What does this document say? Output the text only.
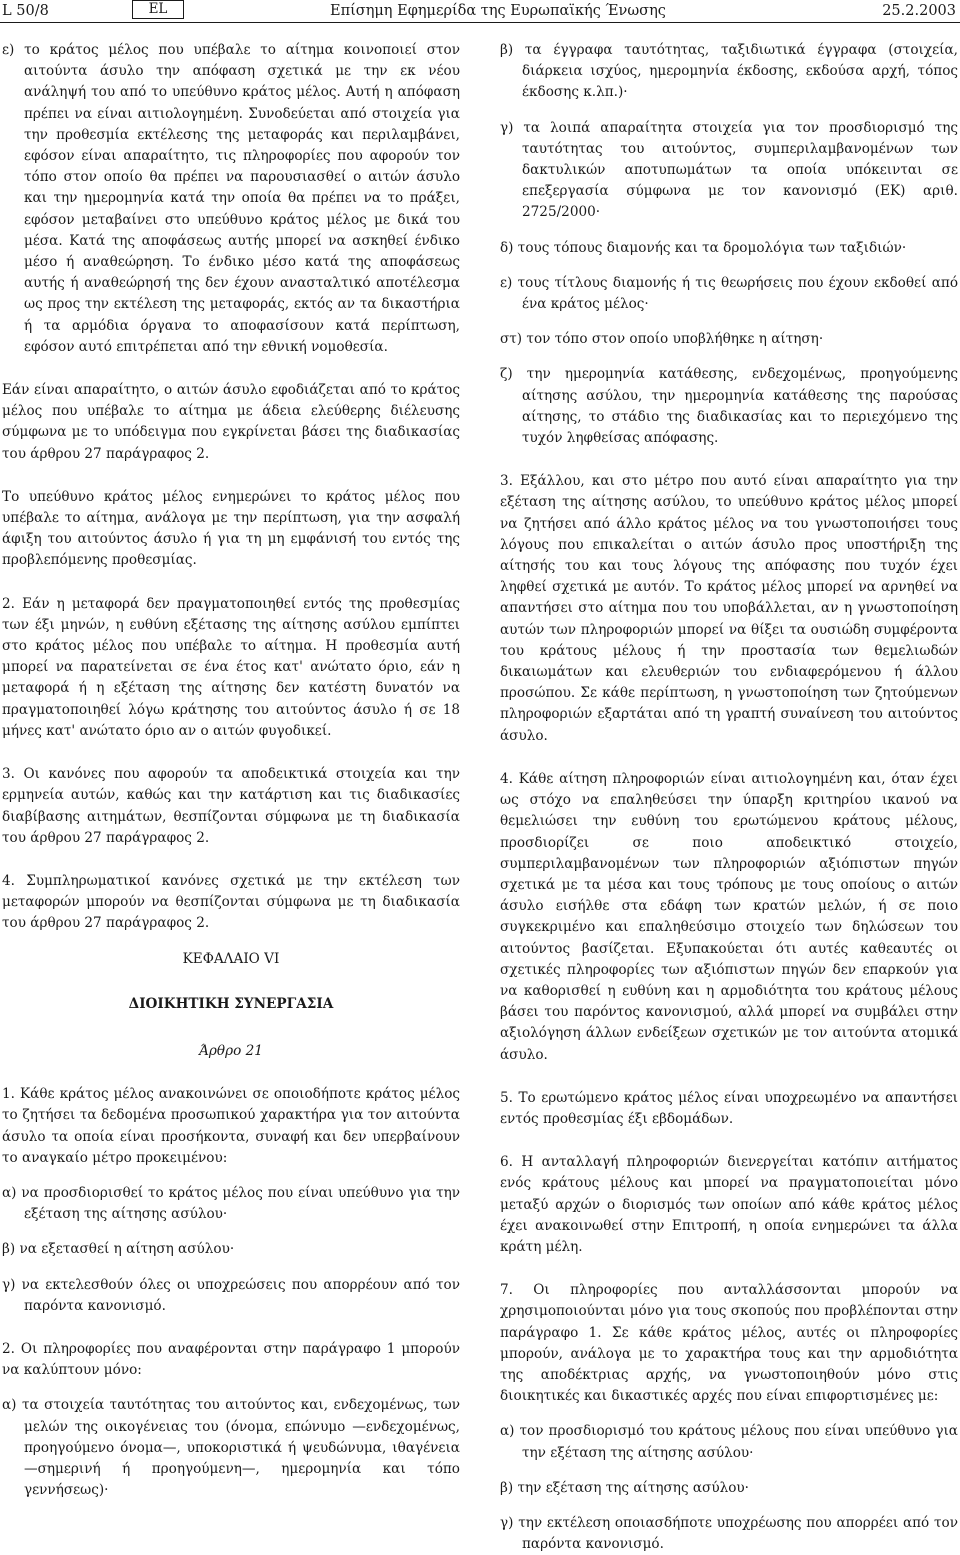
L 50/8	EL	Επίσημη Εφημερίδα της Ευρωπαϊκής Ένωσης	25.2.2003

ε) το κράτος μέλος που υπέβαλε το αίτημα κοινοποιεί στον αιτούντα άσυλο την απόφαση σχετικά με την εκ νέου ανάληψή του από το υπεύθυνο κράτος μέλος. Αυτή η απόφαση πρέπει να είναι αιτιολογημένη. Συνοδεύεται από στοιχεία για την προθεσμία εκτέλεσης της μεταφοράς και περιλαμβάνει, εφόσον είναι απαραίτητο, τις πληροφορίες που αφορούν τον τόπο στον οποίο θα πρέπει να παρουσιασθεί ο αιτών άσυλο και την ημερομηνία κατά την οποία θα πρέπει να το πράξει, εφόσον μεταβαίνει στο υπεύθυνο κράτος μέλος με δικά του μέσα. Κατά της αποφάσεως αυτής μπορεί να ασκηθεί ένδικο μέσο ή αναθεώρηση. Το ένδικο μέσο κατά της αποφάσεως αυτής ή αναθεώρησή της δεν έχουν ανασταλτικό αποτέλεσμα ως προς την εκτέλεση της μεταφοράς, εκτός αν τα δικαστήρια ή τα αρμόδια όργανα το αποφασίσουν κατά περίπτωση, εφόσον αυτό επιτρέπεται από την εθνική νομοθεσία.

Εάν είναι απαραίτητο, ο αιτών άσυλο εφοδιάζεται από το κράτος μέλος που υπέβαλε το αίτημα με άδεια ελεύθερης διέλευσης σύμφωνα με το υπόδειγμα που εγκρίνεται βάσει της διαδικασίας του άρθρου 27 παράγραφος 2.

Το υπεύθυνο κράτος μέλος ενημερώνει το κράτος μέλος που υπέβαλε το αίτημα, ανάλογα με την περίπτωση, για την ασφαλή άφιξη του αιτούντος άσυλο ή για τη μη εμφάνισή του εντός της προβλεπόμενης προθεσμίας.

2. Εάν η μεταφορά δεν πραγματοποιηθεί εντός της προθεσμίας των έξι μηνών, η ευθύνη εξέτασης της αίτησης ασύλου εμπίπτει στο κράτος μέλος που υπέβαλε το αίτημα. Η προθεσμία αυτή μπορεί να παρατείνεται σε ένα έτος κατ' ανώτατο όριο, εάν η μεταφορά ή η εξέταση της αίτησης δεν κατέστη δυνατόν να πραγματοποιηθεί λόγω κράτησης του αιτούντος άσυλο ή σε 18 μήνες κατ' ανώτατο όριο αν ο αιτών φυγοδικεί.

3. Οι κανόνες που αφορούν τα αποδεικτικά στοιχεία και την ερμηνεία αυτών, καθώς και την κατάρτιση και τις διαδικασίες διαβίβασης αιτημάτων, θεσπίζονται σύμφωνα με τη διαδικασία του άρθρου 27 παράγραφος 2.

4. Συμπληρωματικοί κανόνες σχετικά με την εκτέλεση των μεταφορών μπορούν να θεσπίζονται σύμφωνα με τη διαδικασία του άρθρου 27 παράγραφος 2.

ΚΕΦΑΛΑΙΟ VI

ΔΙΟΙΚΗΤΙΚΗ ΣΥΝΕΡΓΑΣΙΑ

Άρθρο 21

1. Κάθε κράτος μέλος ανακοινώνει σε οποιοδήποτε κράτος μέλος το ζητήσει τα δεδομένα προσωπικού χαρακτήρα για τον αιτούντα άσυλο τα οποία είναι προσήκοντα, συναφή και δεν υπερβαίνουν το αναγκαίο μέτρο προκειμένου:

α) να προσδιορισθεί το κράτος μέλος που είναι υπεύθυνο για την εξέταση της αίτησης ασύλου·

β) να εξετασθεί η αίτηση ασύλου·

γ) να εκτελεσθούν όλες οι υποχρεώσεις που απορρέουν από τον παρόντα κανονισμό.

2. Οι πληροφορίες που αναφέρονται στην παράγραφο 1 μπορούν να καλύπτουν μόνο:

α) τα στοιχεία ταυτότητας του αιτούντος και, ενδεχομένως, των μελών της οικογένειας του (όνομα, επώνυμο —ενδεχομένως, προηγούμενο όνομα—, υποκοριστικά ή ψευδώνυμα, ιθαγένεια —σημερινή ή προηγούμενη—, ημερομηνία και τόπο γεννήσεως)·

β) τα έγγραφα ταυτότητας, ταξιδιωτικά έγγραφα (στοιχεία, διάρκεια ισχύος, ημερομηνία έκδοσης, εκδούσα αρχή, τόπος έκδοσης κ.λπ.)·

γ) τα λοιπά απαραίτητα στοιχεία για τον προσδιορισμό της ταυτότητας του αιτούντος, συμπεριλαμβανομένων των δακτυλικών αποτυπωμάτων τα οποία υπόκεινται σε επεξεργασία σύμφωνα με τον κανονισμό (ΕΚ) αριθ. 2725/2000·

δ) τους τόπους διαμονής και τα δρομολόγια των ταξιδιών·

ε) τους τίτλους διαμονής ή τις θεωρήσεις που έχουν εκδοθεί από ένα κράτος μέλος·

στ) τον τόπο στον οποίο υποβλήθηκε η αίτηση·

ζ) την ημερομηνία κατάθεσης, ενδεχομένως, προηγούμενης αίτησης ασύλου, την ημερομηνία κατάθεσης της παρούσας αίτησης, το στάδιο της διαδικασίας και το περιεχόμενο της τυχόν ληφθείσας απόφασης.

3. Εξάλλου, και στο μέτρο που αυτό είναι απαραίτητο για την εξέταση της αίτησης ασύλου, το υπεύθυνο κράτος μέλος μπορεί να ζητήσει από άλλο κράτος μέλος να του γνωστοποιήσει τους λόγους που επικαλείται ο αιτών άσυλο προς υποστήριξη της αίτησής του και τους λόγους της απόφασης που τυχόν έχει ληφθεί σχετικά με αυτόν. Το κράτος μέλος μπορεί να αρνηθεί να απαντήσει στο αίτημα που του υποβάλλεται, αν η γνωστοποίηση αυτών των πληροφοριών μπορεί να θίξει τα ουσιώδη συμφέροντα του κράτους μέλους ή την προστασία των θεμελιωδών δικαιωμάτων και ελευθεριών του ενδιαφερόμενου ή άλλου προσώπου. Σε κάθε περίπτωση, η γνωστοποίηση των ζητούμενων πληροφοριών εξαρτάται από τη γραπτή συναίνεση του αιτούντος άσυλο.

4. Κάθε αίτηση πληροφοριών είναι αιτιολογημένη και, όταν έχει ως στόχο να επαληθεύσει την ύπαρξη κριτηρίου ικανού να θεμελιώσει την ευθύνη του ερωτώμενου κράτους μέλους, προσδιορίζει σε ποιο αποδεικτικό στοιχείο, συμπεριλαμβανομένων των πληροφοριών αξιόπιστων πηγών σχετικά με τα μέσα και τους τρόπους με τους οποίους ο αιτών άσυλο εισήλθε στα εδάφη των κρατών μελών, ή σε ποιο συγκεκριμένο και επαληθεύσιμο στοιχείο των δηλώσεων του αιτούντος βασίζεται. Εξυπακούεται ότι αυτές καθεαυτές οι σχετικές πληροφορίες των αξιόπιστων πηγών δεν επαρκούν για να καθορισθεί η ευθύνη και η αρμοδιότητα του κράτους μέλους βάσει του παρόντος κανονισμού, αλλά μπορεί να συμβάλει στην αξιολόγηση άλλων ενδείξεων σχετικών με τον αιτούντα ατομικά άσυλο.

5. Το ερωτώμενο κράτος μέλος είναι υποχρεωμένο να απαντήσει εντός προθεσμίας έξι εβδομάδων.

6. Η ανταλλαγή πληροφοριών διενεργείται κατόπιν αιτήματος ενός κράτους μέλους και μπορεί να πραγματοποιείται μόνο μεταξύ αρχών ο διορισμός των οποίων από κάθε κράτος μέλος έχει ανακοινωθεί στην Επιτροπή, η οποία ενημερώνει τα άλλα κράτη μέλη.

7. Οι πληροφορίες που ανταλλάσσονται μπορούν να χρησιμοποιούνται μόνο για τους σκοπούς που προβλέπονται στην παράγραφο 1. Σε κάθε κράτος μέλος, αυτές οι πληροφορίες μπορούν, ανάλογα με το χαρακτήρα τους και την αρμοδιότητα της αποδέκτριας αρχής, να γνωστοποιηθούν μόνο στις διοικητικές και δικαστικές αρχές που είναι επιφορτισμένες με:

α) τον προσδιορισμό του κράτους μέλους που είναι υπεύθυνο για την εξέταση της αίτησης ασύλου·

β) την εξέταση της αίτησης ασύλου·

γ) την εκτέλεση οποιασδήποτε υποχρέωσης που απορρέει από τον παρόντα κανονισμό.
